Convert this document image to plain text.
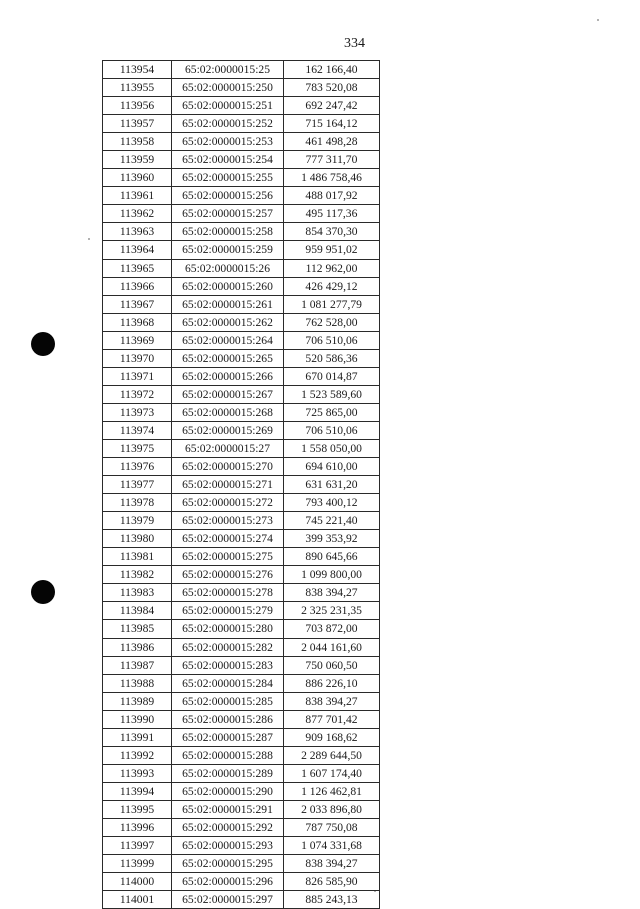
334
113954	65:02:0000015:25	162 166,40
113955	65:02:0000015:250	783 520,08
113956	65:02:0000015:251	692 247,42
113957	65:02:0000015:252	715 164,12
113958	65:02:0000015:253	461 498,28
113959	65:02:0000015:254	777 311,70
113960	65:02:0000015:255	1 486 758,46
113961	65:02:0000015:256	488 017,92
113962	65:02:0000015:257	495 117,36
113963	65:02:0000015:258	854 370,30
113964	65:02:0000015:259	959 951,02
113965	65:02:0000015:26	112 962,00
113966	65:02:0000015:260	426 429,12
113967	65:02:0000015:261	1 081 277,79
113968	65:02:0000015:262	762 528,00
113969	65:02:0000015:264	706 510,06
113970	65:02:0000015:265	520 586,36
113971	65:02:0000015:266	670 014,87
113972	65:02:0000015:267	1 523 589,60
113973	65:02:0000015:268	725 865,00
113974	65:02:0000015:269	706 510,06
113975	65:02:0000015:27	1 558 050,00
113976	65:02:0000015:270	694 610,00
113977	65:02:0000015:271	631 631,20
113978	65:02:0000015:272	793 400,12
113979	65:02:0000015:273	745 221,40
113980	65:02:0000015:274	399 353,92
113981	65:02:0000015:275	890 645,66
113982	65:02:0000015:276	1 099 800,00
113983	65:02:0000015:278	838 394,27
113984	65:02:0000015:279	2 325 231,35
113985	65:02:0000015:280	703 872,00
113986	65:02:0000015:282	2 044 161,60
113987	65:02:0000015:283	750 060,50
113988	65:02:0000015:284	886 226,10
113989	65:02:0000015:285	838 394,27
113990	65:02:0000015:286	877 701,42
113991	65:02:0000015:287	909 168,62
113992	65:02:0000015:288	2 289 644,50
113993	65:02:0000015:289	1 607 174,40
113994	65:02:0000015:290	1 126 462,81
113995	65:02:0000015:291	2 033 896,80
113996	65:02:0000015:292	787 750,08
113997	65:02:0000015:293	1 074 331,68
113999	65:02:0000015:295	838 394,27
114000	65:02:0000015:296	826 585,90
114001	65:02:0000015:297	885 243,13
